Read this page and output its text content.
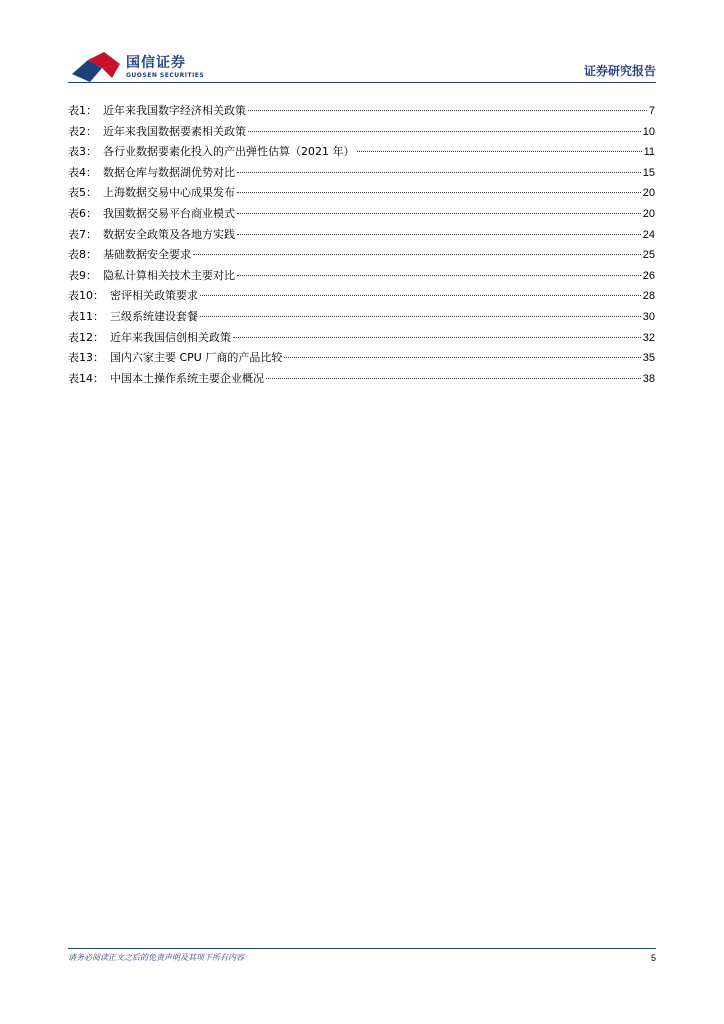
国信证券
GUOSEN SECURITIES	证券研究报告
表1： 近年来我国数字经济相关政策	7
表2： 近年来我国数据要素相关政策	10
表3： 各行业数据要素化投入的产出弹性估算（2021 年）	11
表4： 数据仓库与数据湖优势对比	15
表5： 上海数据交易中心成果发布	20
表6： 我国数据交易平台商业模式	20
表7： 数据安全政策及各地方实践	24
表8： 基础数据安全要求	25
表9： 隐私计算相关技术主要对比	26
表10： 密评相关政策要求	28
表11： 三级系统建设套餐	30
表12： 近年来我国信创相关政策	32
表13： 国内六家主要 CPU 厂商的产品比较	35
表14： 中国本土操作系统主要企业概况	38
请务必阅读正文之后的免责声明及其项下所有内容	5
